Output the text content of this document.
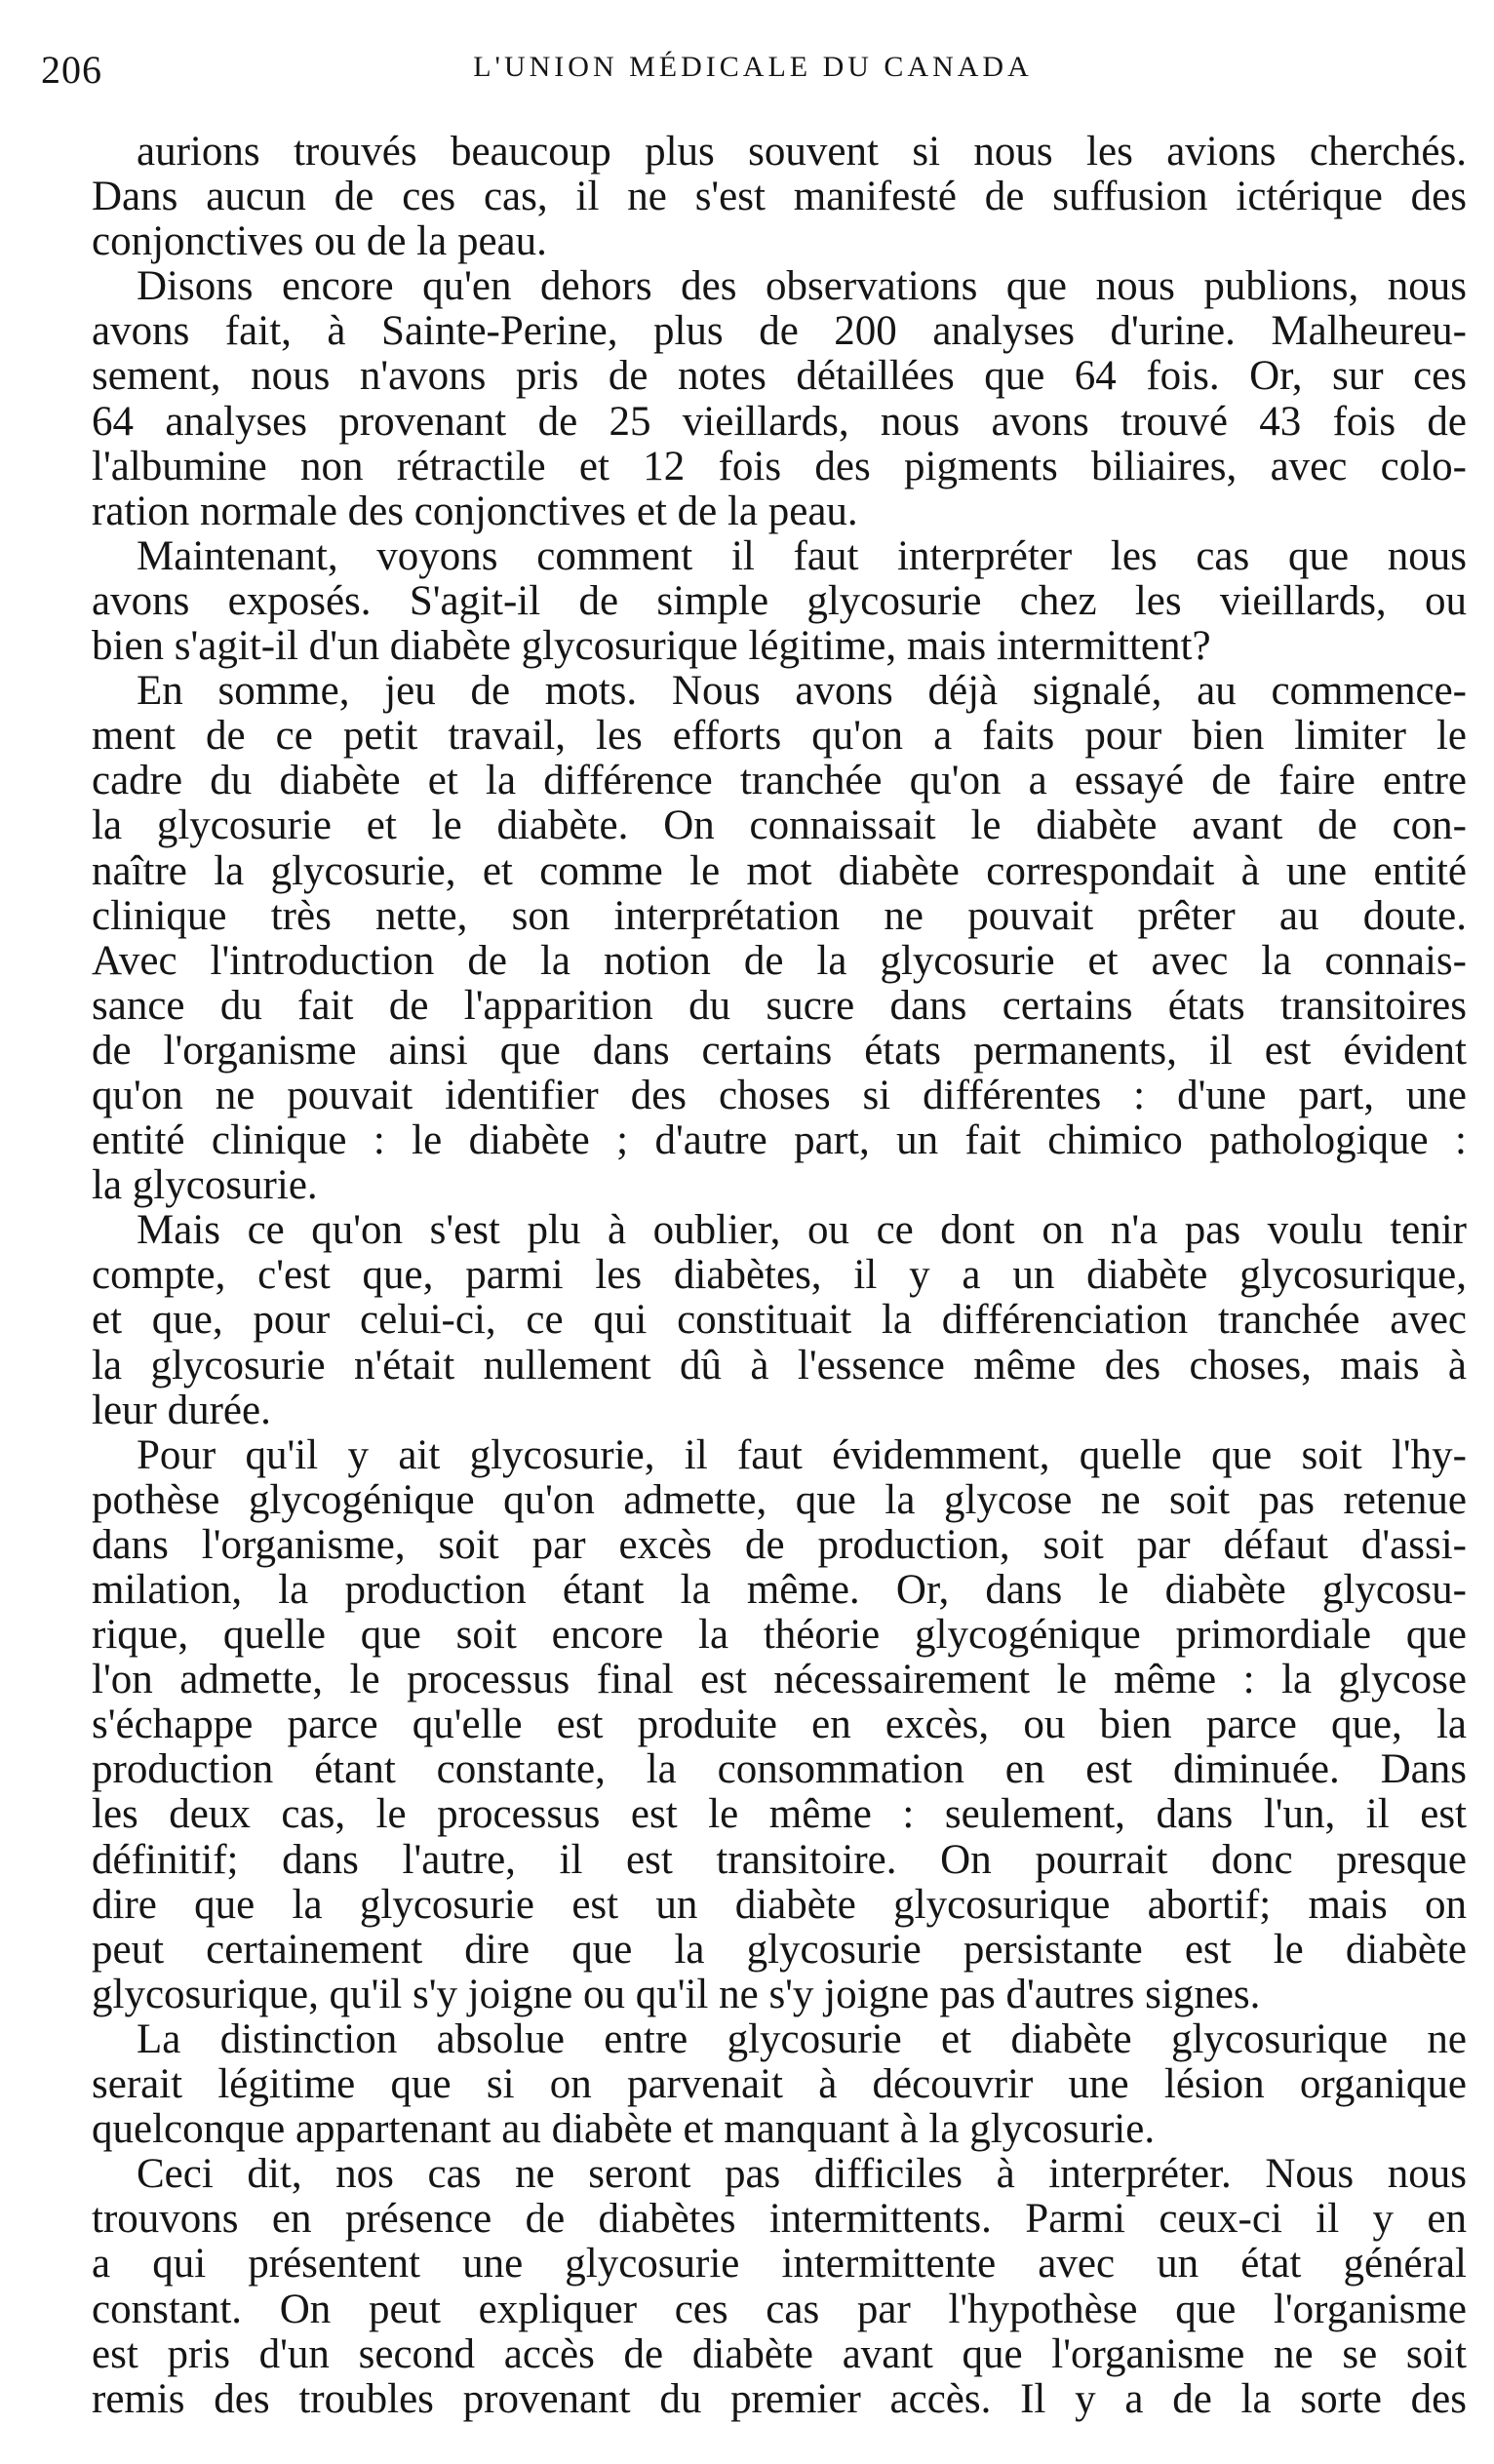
206	L'UNION MÉDICALE DU CANADA
aurions trouvés beaucoup plus souvent si nous les avions cherchés.
Dans aucun de ces cas, il ne s'est manifesté de suffusion ictérique des
conjonctives ou de la peau.
Disons encore qu'en dehors des observations que nous publions, nous
avons fait, à Sainte-Perine, plus de 200 analyses d'urine. Malheureu-
sement, nous n'avons pris de notes détaillées que 64 fois. Or, sur ces
64 analyses provenant de 25 vieillards, nous avons trouvé 43 fois de
l'albumine non rétractile et 12 fois des pigments biliaires, avec colo-
ration normale des conjonctives et de la peau.
Maintenant, voyons comment il faut interpréter les cas que nous
avons exposés. S'agit-il de simple glycosurie chez les vieillards, ou
bien s'agit-il d'un diabète glycosurique légitime, mais intermittent?
En somme, jeu de mots. Nous avons déjà signalé, au commence-
ment de ce petit travail, les efforts qu'on a faits pour bien limiter le
cadre du diabète et la différence tranchée qu'on a essayé de faire entre
la glycosurie et le diabète. On connaissait le diabète avant de con-
naître la glycosurie, et comme le mot diabète correspondait à une entité
clinique très nette, son interprétation ne pouvait prêter au doute.
Avec l'introduction de la notion de la glycosurie et avec la connais-
sance du fait de l'apparition du sucre dans certains états transitoires
de l'organisme ainsi que dans certains états permanents, il est évident
qu'on ne pouvait identifier des choses si différentes : d'une part, une
entité clinique : le diabète ; d'autre part, un fait chimico pathologique :
la glycosurie.
Mais ce qu'on s'est plu à oublier, ou ce dont on n'a pas voulu tenir
compte, c'est que, parmi les diabètes, il y a un diabète glycosurique,
et que, pour celui-ci, ce qui constituait la différenciation tranchée avec
la glycosurie n'était nullement dû à l'essence même des choses, mais à
leur durée.
Pour qu'il y ait glycosurie, il faut évidemment, quelle que soit l'hy-
pothèse glycogénique qu'on admette, que la glycose ne soit pas retenue
dans l'organisme, soit par excès de production, soit par défaut d'assi-
milation, la production étant la même. Or, dans le diabète glycosu-
rique, quelle que soit encore la théorie glycogénique primordiale que
l'on admette, le processus final est nécessairement le même : la glycose
s'échappe parce qu'elle est produite en excès, ou bien parce que, la
production étant constante, la consommation en est diminuée. Dans
les deux cas, le processus est le même : seulement, dans l'un, il est
définitif; dans l'autre, il est transitoire. On pourrait donc presque
dire que la glycosurie est un diabète glycosurique abortif; mais on
peut certainement dire que la glycosurie persistante est le diabète
glycosurique, qu'il s'y joigne ou qu'il ne s'y joigne pas d'autres signes.
La distinction absolue entre glycosurie et diabète glycosurique ne
serait légitime que si on parvenait à découvrir une lésion organique
quelconque appartenant au diabète et manquant à la glycosurie.
Ceci dit, nos cas ne seront pas difficiles à interpréter. Nous nous
trouvons en présence de diabètes intermittents. Parmi ceux-ci il y en
a qui présentent une glycosurie intermittente avec un état général
constant. On peut expliquer ces cas par l'hypothèse que l'organisme
est pris d'un second accès de diabète avant que l'organisme ne se soit
remis des troubles provenant du premier accès. Il y a de la sorte des
